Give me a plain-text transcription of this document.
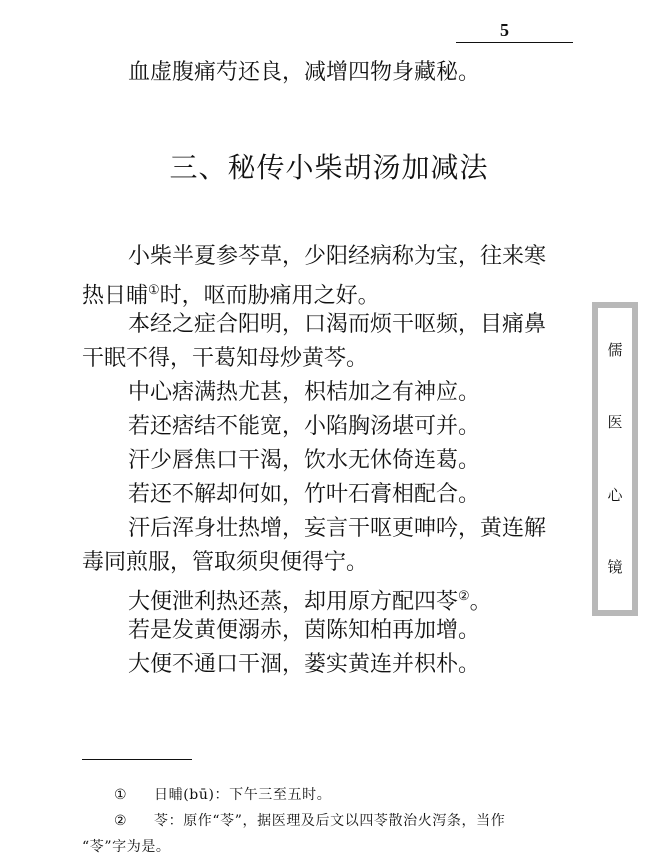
5
血虚腹痛芍还良，减增四物身藏秘。
三、秘传小柴胡汤加减法
小柴半夏参芩草，少阳经病称为宝，往来寒
热日晡①时，呕而胁痛用之好。
本经之症合阳明，口渴而烦干呕频，目痛鼻
干眠不得，干葛知母炒黄芩。
中心痞满热尤甚，枳桔加之有神应。
若还痞结不能宽，小陷胸汤堪可并。
汗少唇焦口干渴，饮水无休倚连葛。
若还不解却何如，竹叶石膏相配合。
汗后浑身壮热增，妄言干呕更呻吟，黄连解
毒同煎服，管取须臾便得宁。
大便泄利热还蒸，却用原方配四苓②。
若是发黄便溺赤，茵陈知柏再加增。
大便不通口干涸，蒌实黄连并枳朴。
儒
医
心
镜
① 日晡(bū)：下午三至五时。
② 苓：原作“苓”，据医理及后文以四苓散治火泻条，当作
“苓”字为是。
